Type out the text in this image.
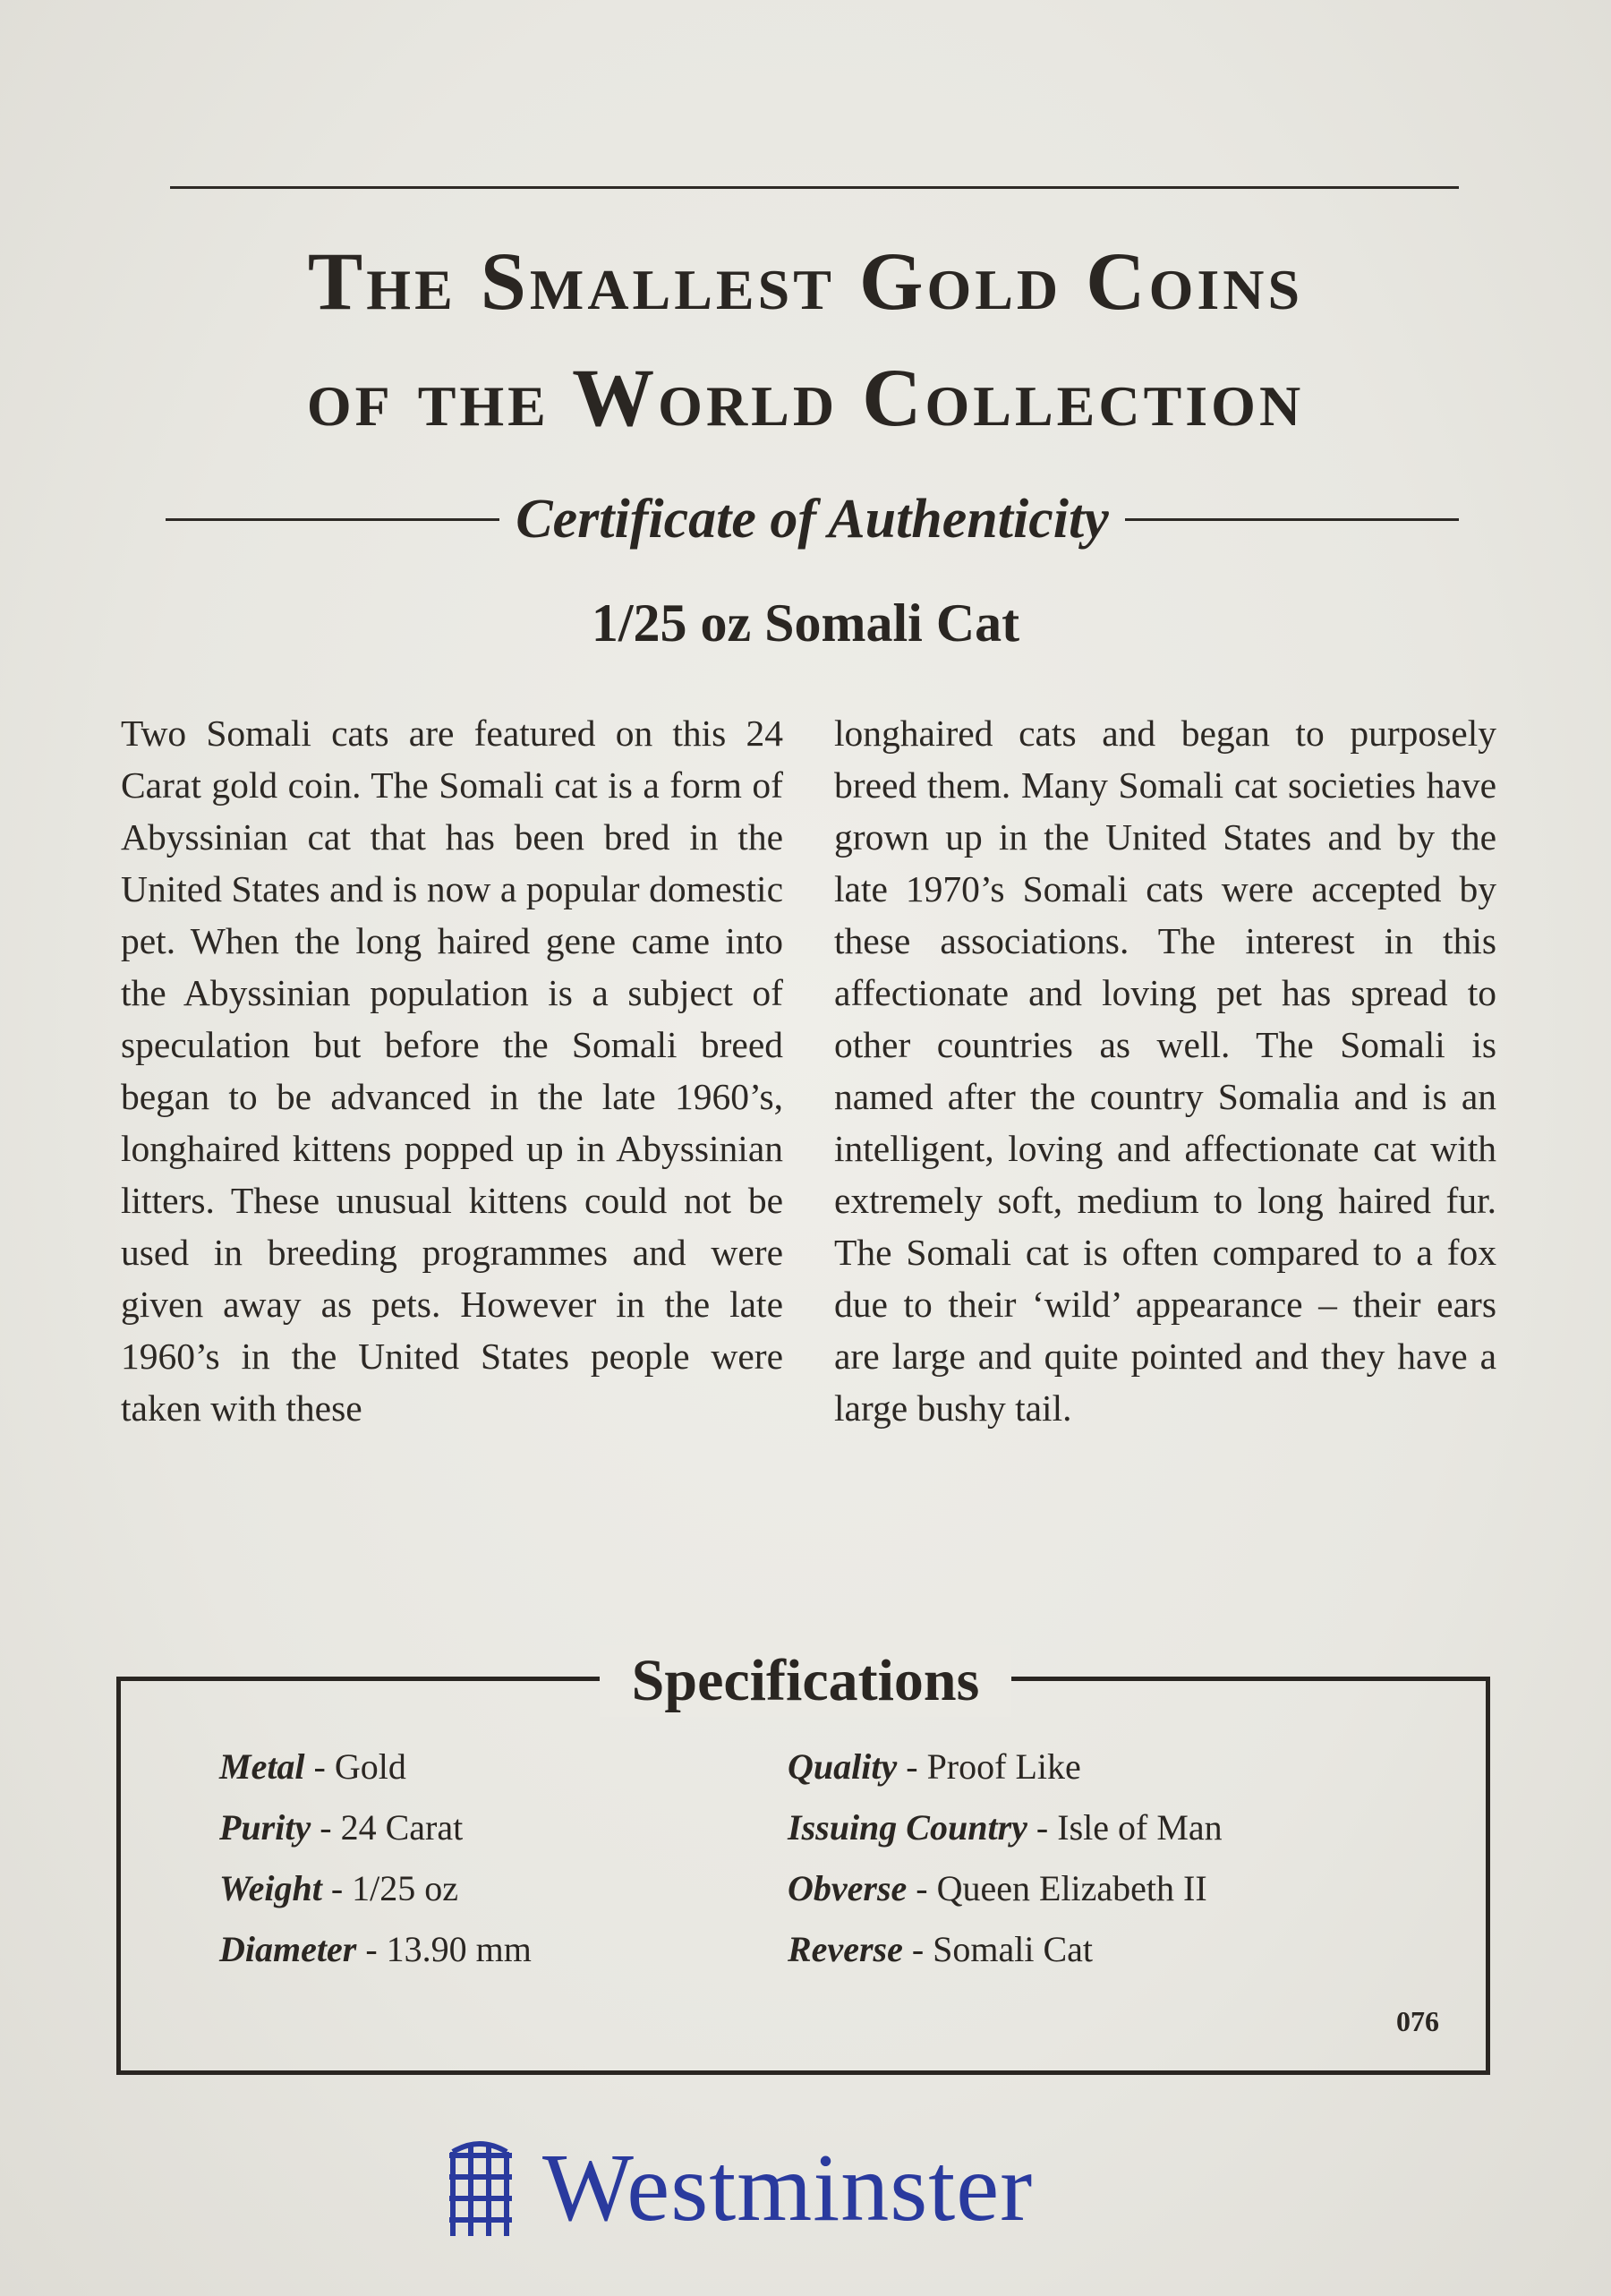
The Smallest Gold Coins
of the World Collection
Certificate of Authenticity
1/25 oz Somali Cat

Two Somali cats are featured on this 24 Carat gold coin. The Somali cat is a form of Abyssinian cat that has been bred in the United States and is now a popular domestic pet. When the long haired gene came into the Abyssinian population is a subject of speculation but before the Somali breed began to be advanced in the late 1960’s, longhaired kittens popped up in Abyssinian litters. These unusual kittens could not be used in breeding programmes and were given away as pets. However in the late 1960’s in the United States people were taken with these

longhaired cats and began to purposely breed them. Many Somali cat societies have grown up in the United States and by the late 1970’s Somali cats were accepted by these associations. The interest in this affectionate and loving pet has spread to other countries as well. The Somali is named after the country Somalia and is an intelligent, loving and affectionate cat with extremely soft, medium to long haired fur. The Somali cat is often compared to a fox due to their ‘wild’ appearance – their ears are large and quite pointed and they have a large bushy tail.

Specifications
Metal - Gold
Purity - 24 Carat
Weight - 1/25 oz
Diameter - 13.90 mm
Quality - Proof Like
Issuing Country - Isle of Man
Obverse - Queen Elizabeth II
Reverse - Somali Cat
076
Westminster
